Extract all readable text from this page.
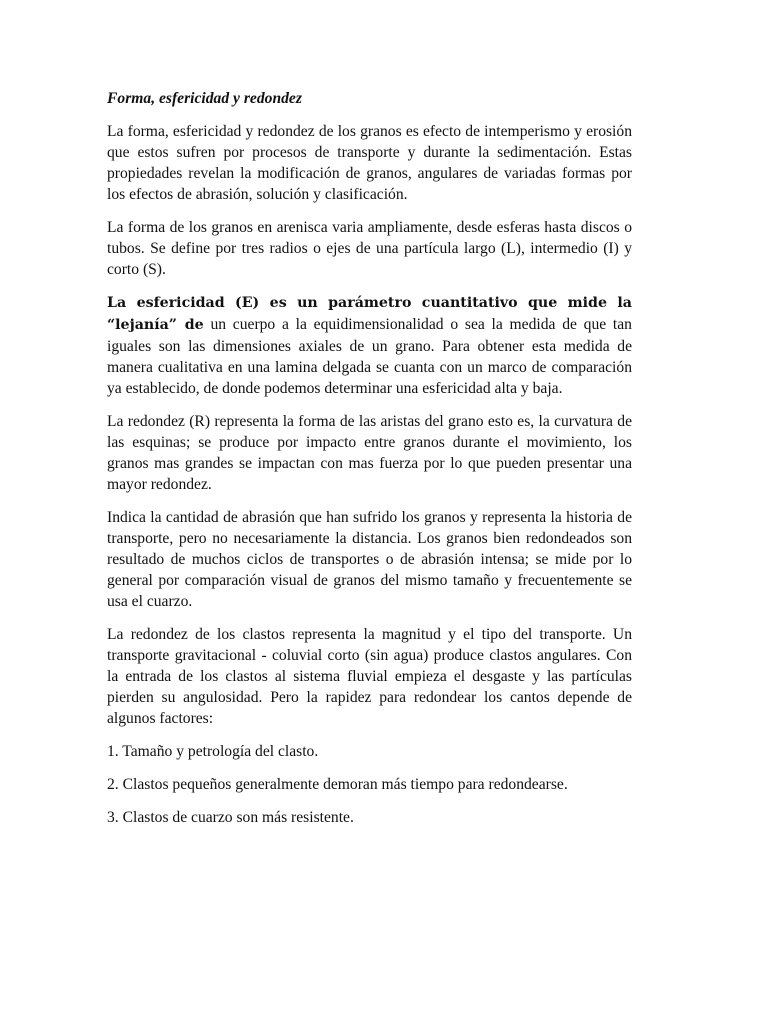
Forma, esfericidad y redondez

La forma, esfericidad y redondez de los granos es efecto de intemperismo y erosión que estos sufren por procesos de transporte y durante la sedimentación. Estas propiedades revelan la modificación de granos, angulares de variadas formas por los efectos de abrasión, solución y clasificación.

La forma de los granos en arenisca varia ampliamente, desde esferas hasta discos o tubos. Se define por tres radios o ejes de una partícula largo (L), intermedio (I) y corto (S).

La esfericidad (E) es un parámetro cuantitativo que mide la “lejanía” de un cuerpo a la equidimensionalidad o sea la medida de que tan iguales son las dimensiones axiales de un grano. Para obtener esta medida de manera cualitativa en una lamina delgada se cuanta con un marco de comparación ya establecido, de donde podemos determinar una esfericidad alta y baja.

La redondez (R) representa la forma de las aristas del grano esto es, la curvatura de las esquinas; se produce por impacto entre granos durante el movimiento, los granos mas grandes se impactan con mas fuerza por lo que pueden presentar una mayor redondez.

Indica la cantidad de abrasión que han sufrido los granos y representa la historia de transporte, pero no necesariamente la distancia. Los granos bien redondeados son resultado de muchos ciclos de transportes o de abrasión intensa; se mide por lo general por comparación visual de granos del mismo tamaño y frecuentemente se usa el cuarzo.

La redondez de los clastos representa la magnitud y el tipo del transporte. Un transporte gravitacional - coluvial corto (sin agua) produce clastos angulares. Con la entrada de los clastos al sistema fluvial empieza el desgaste y las partículas pierden su angulosidad. Pero la rapidez para redondear los cantos depende de algunos factores:

1. Tamaño y petrología del clasto.
2. Clastos pequeños generalmente demoran más tiempo para redondearse.
3. Clastos de cuarzo son más resistente.
